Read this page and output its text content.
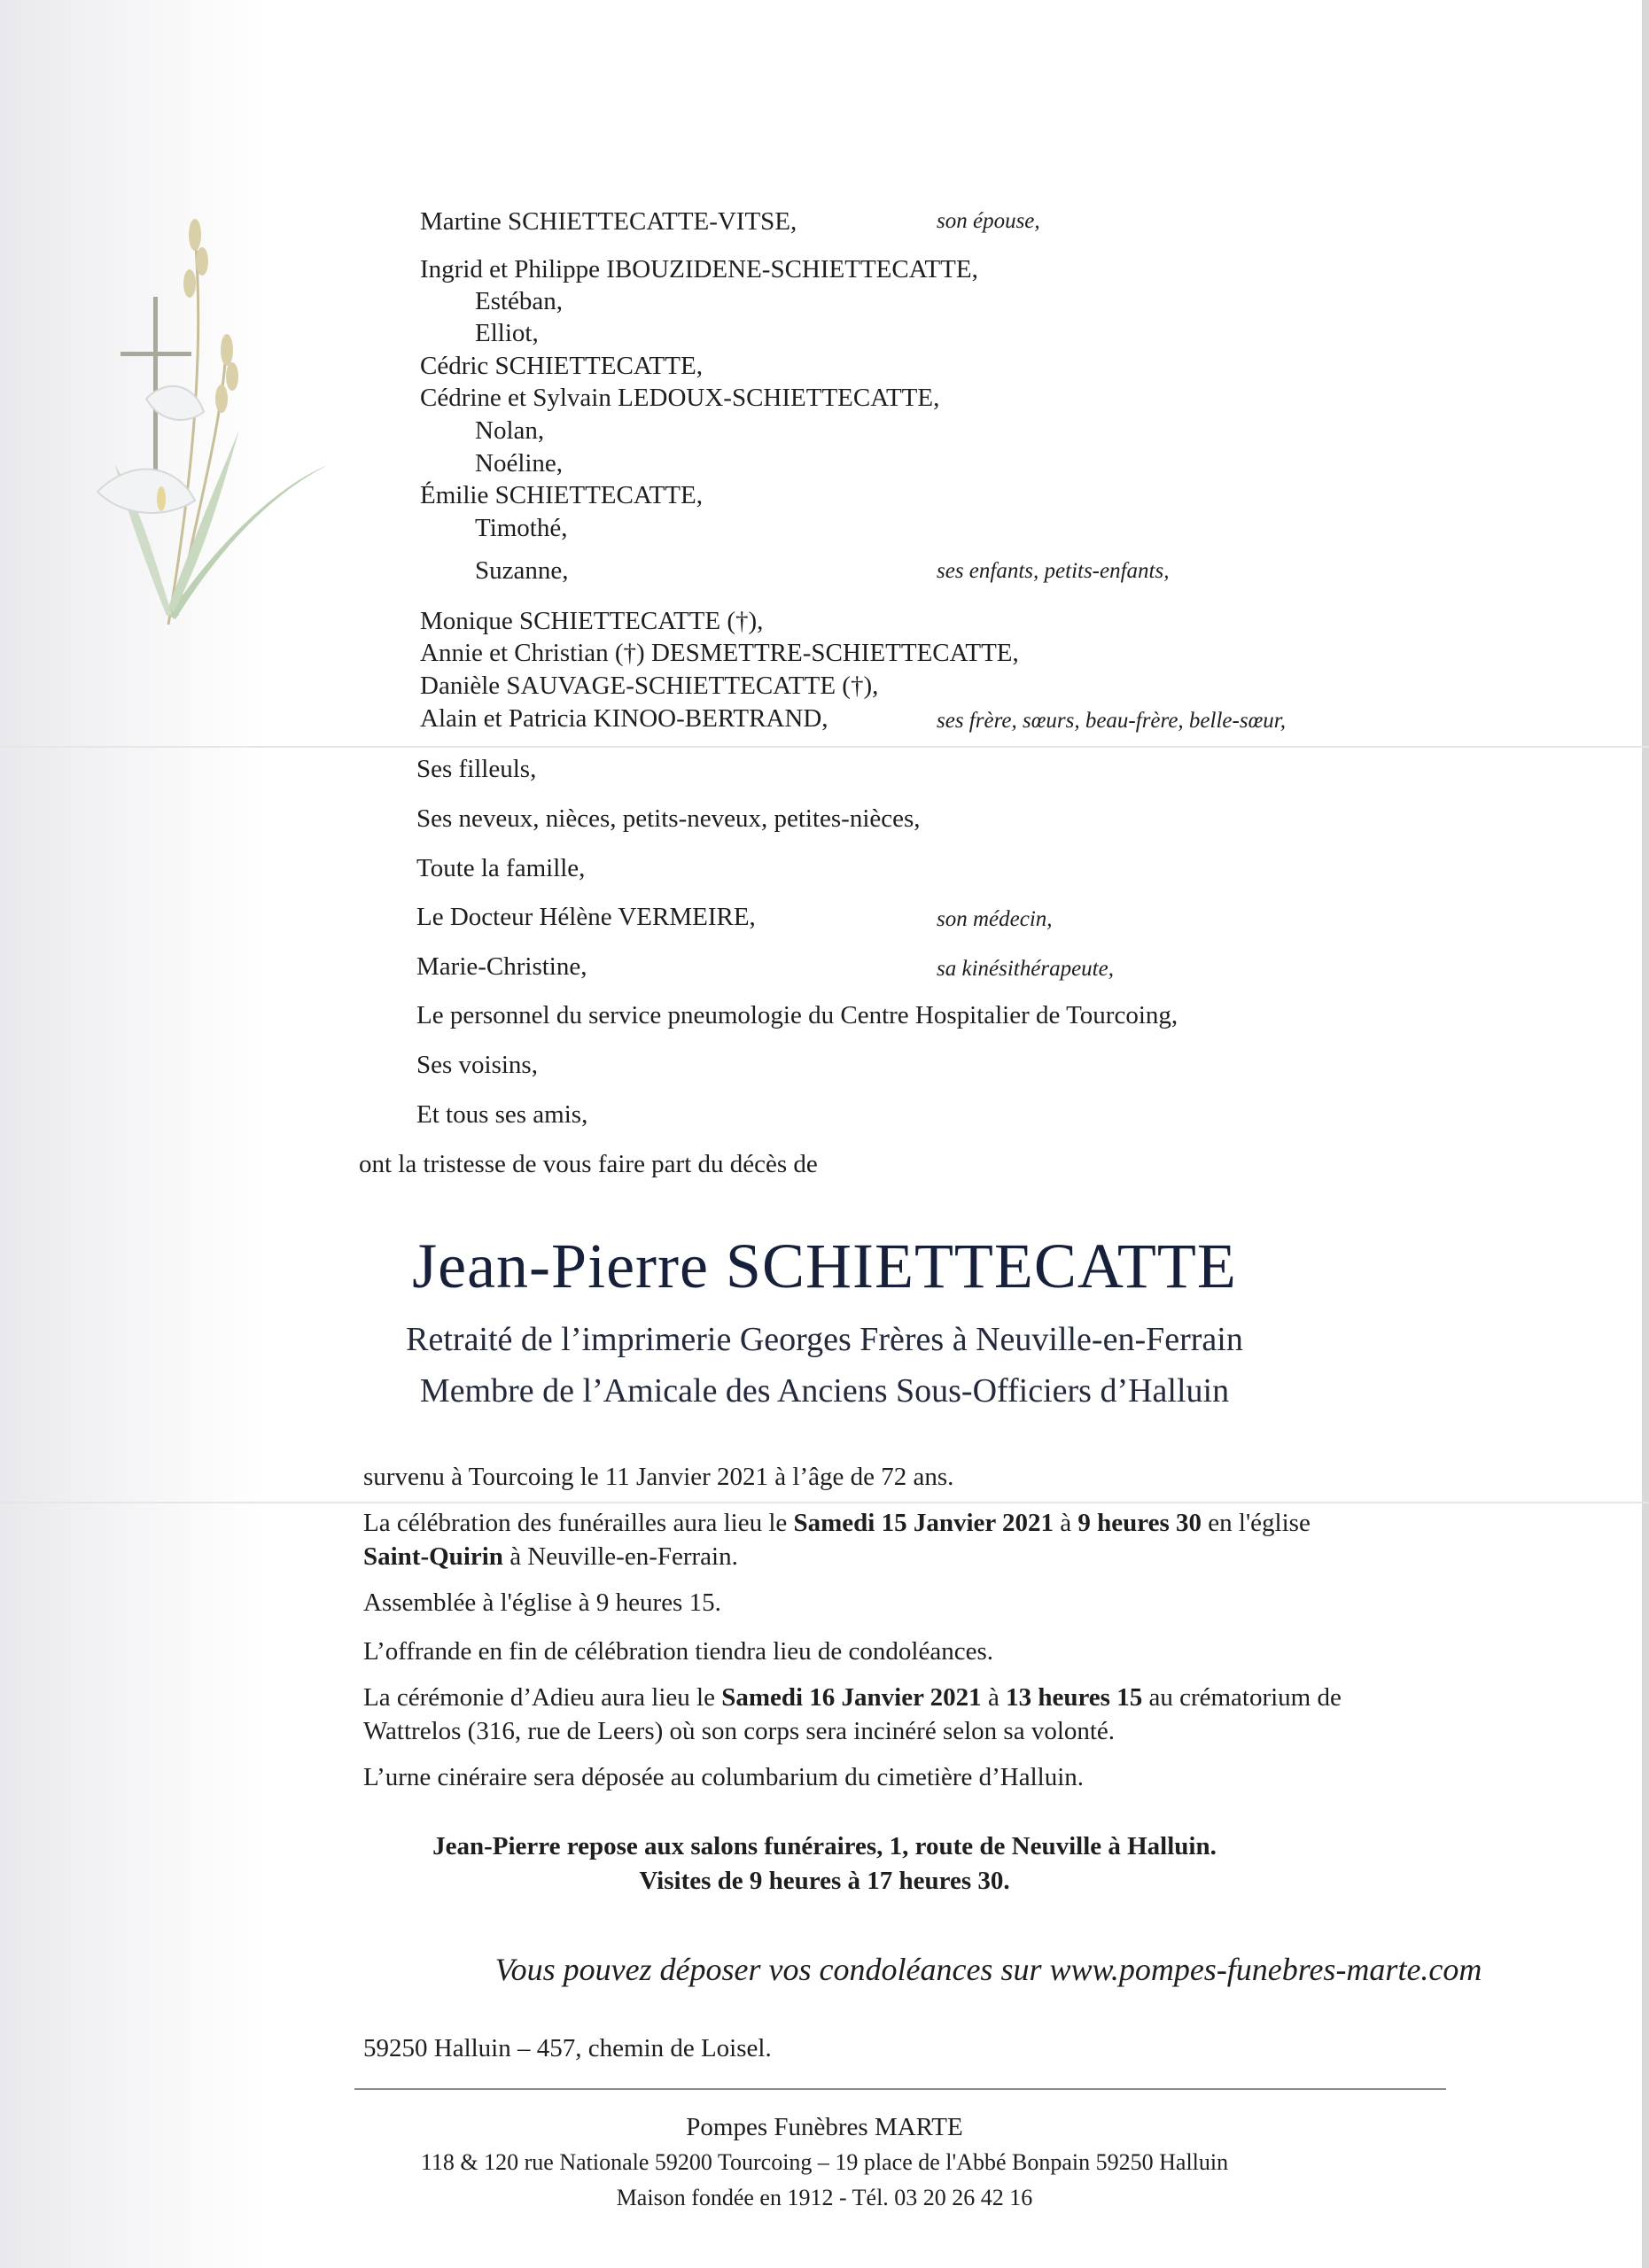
Martine SCHIETTECATTE-VITSE,	son épouse,
Ingrid et Philippe IBOUZIDENE-SCHIETTECATTE,
Estéban,
Elliot,
Cédric SCHIETTECATTE,
Cédrine et Sylvain LEDOUX-SCHIETTECATTE,
Nolan,
Noéline,
Émilie SCHIETTECATTE,
Timothé,
Suzanne,	ses enfants, petits-enfants,
Monique SCHIETTECATTE (†),
Annie et Christian (†) DESMETTRE-SCHIETTECATTE,
Danièle SAUVAGE-SCHIETTECATTE (†),
Alain et Patricia KINOO-BERTRAND,	ses frère, sœurs, beau-frère, belle-sœur,
Ses filleuls,
Ses neveux, nièces, petits-neveux, petites-nièces,
Toute la famille,
Le Docteur Hélène VERMEIRE,	son médecin,
Marie-Christine,	sa kinésithérapeute,
Le personnel du service pneumologie du Centre Hospitalier de Tourcoing,
Ses voisins,
Et tous ses amis,
ont la tristesse de vous faire part du décès de
Jean-Pierre SCHIETTECATTE
Retraité de l’imprimerie Georges Frères à Neuville-en-Ferrain
Membre de l’Amicale des Anciens Sous-Officiers d’Halluin
survenu à Tourcoing le 11 Janvier 2021 à l’âge de 72 ans.
La célébration des funérailles aura lieu le Samedi 15 Janvier 2021 à 9 heures 30 en l'église
Saint-Quirin à Neuville-en-Ferrain.
Assemblée à l'église à 9 heures 15.
L’offrande en fin de célébration tiendra lieu de condoléances.
La cérémonie d’Adieu aura lieu le Samedi 16 Janvier 2021 à 13 heures 15 au crématorium de
Wattrelos (316, rue de Leers) où son corps sera incinéré selon sa volonté.
L’urne cinéraire sera déposée au columbarium du cimetière d’Halluin.
Jean-Pierre repose aux salons funéraires, 1, route de Neuville à Halluin.
Visites de 9 heures à 17 heures 30.
Vous pouvez déposer vos condoléances sur www.pompes-funebres-marte.com
59250 Halluin – 457, chemin de Loisel.
Pompes Funèbres MARTE
118 & 120 rue Nationale 59200 Tourcoing – 19 place de l'Abbé Bonpain 59250 Halluin
Maison fondée en 1912 - Tél. 03 20 26 42 16
